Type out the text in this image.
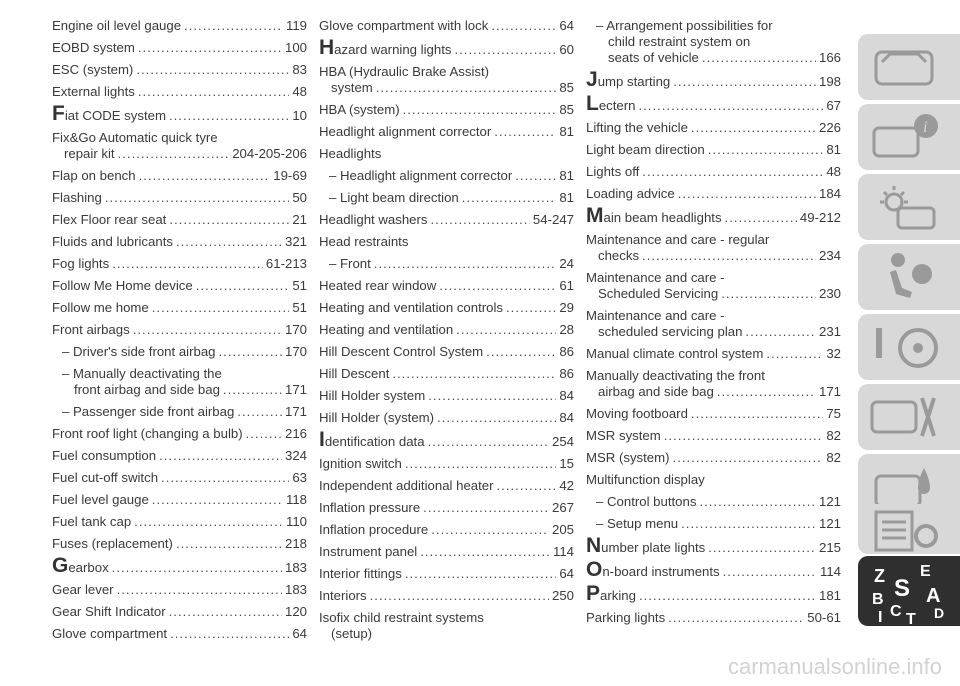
Engine oil level gauge .....	119
EOBD system .....	100
ESC (system) .....	83
External lights .....	48
Fiat CODE system .....	10
Fix&Go Automatic quick tyre
repair kit .....	204-205-206
Flap on bench .....	19-69
Flashing .....	50
Flex Floor rear seat .....	21
Fluids and lubricants .....	321
Fog lights .....	61-213
Follow Me Home device .....	51
Follow me home .....	51
Front airbags .....	170
– Driver's side front airbag .....	170
– Manually deactivating the
front airbag and side bag .....	171
– Passenger side front airbag .....	171
Front roof light (changing a bulb) .....	216
Fuel consumption .....	324
Fuel cut-off switch .....	63
Fuel level gauge .....	118
Fuel tank cap .....	110
Fuses (replacement) .....	218
Gearbox .....	183
Gear lever .....	183
Gear Shift Indicator .....	120
Glove compartment .....	64
Glove compartment with lock .....	64
Hazard warning lights .....	60
HBA (Hydraulic Brake Assist)
system .....	85
HBA (system) .....	85
Headlight alignment corrector .....	81
Headlights
– Headlight alignment corrector .....	81
– Light beam direction .....	81
Headlight washers .....	54-247
Head restraints
– Front .....	24
Heated rear window .....	61
Heating and ventilation controls .....	29
Heating and ventilation .....	28
Hill Descent Control System .....	86
Hill Descent .....	86
Hill Holder system .....	84
Hill Holder (system) .....	84
Identification data .....	254
Ignition switch .....	15
Independent additional heater .....	42
Inflation pressure .....	267
Inflation procedure .....	205
Instrument panel .....	114
Interior fittings .....	64
Interiors .....	250
Isofix child restraint systems
(setup)
– Arrangement possibilities for
child restraint system on
seats of vehicle .....	166
Jump starting .....	198
Lectern .....	67
Lifting the vehicle .....	226
Light beam direction .....	81
Lights off .....	48
Loading advice .....	184
Main beam headlights .....	49-212
Maintenance and care - regular
checks .....	234
Maintenance and care -
Scheduled Servicing .....	230
Maintenance and care -
scheduled servicing plan .....	231
Manual climate control system .....	32
Manually deactivating the front
airbag and side bag .....	171
Moving footboard .....	75
MSR system .....	82
MSR (system) .....	82
Multifunction display
– Control buttons .....	121
– Setup menu .....	121
Number plate lights .....	215
On-board instruments .....	114
Parking .....	181
Parking lights .....	50-61
i
Z E
B S A
D
C T
I
carmanualsonline.info
